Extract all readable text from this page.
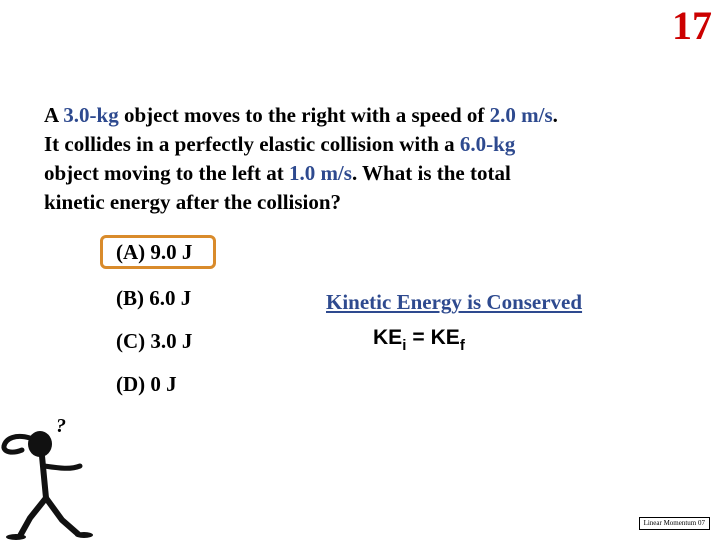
17
A 3.0-kg object moves to the right with a speed of 2.0 m/s.
It collides in a perfectly elastic collision with a 6.0-kg
object moving to the left at 1.0 m/s. What is the total
kinetic energy after the collision?
(A) 9.0 J
(B) 6.0 J
(C) 3.0 J
(D) 0 J
Kinetic Energy is Conserved
$KE_i = KE_f$
?
Linear Momentum 07
